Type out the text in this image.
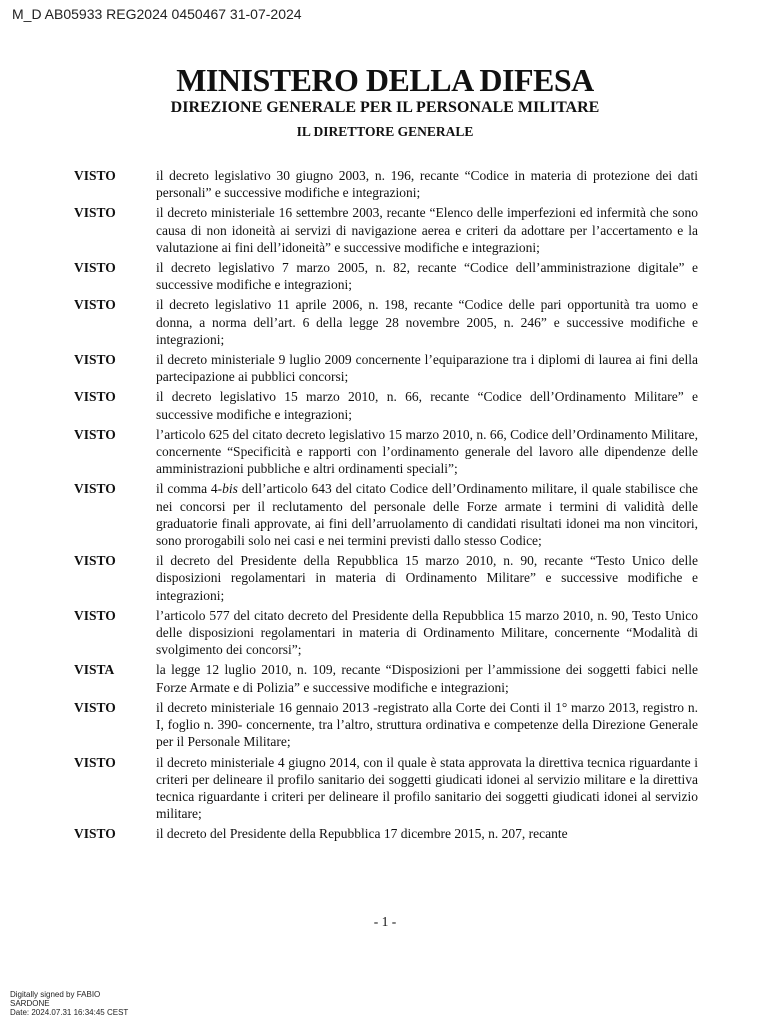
M_D AB05933 REG2024 0450467 31-07-2024
MINISTERO DELLA DIFESA
DIREZIONE GENERALE PER IL PERSONALE MILITARE
IL DIRETTORE GENERALE
VISTO	il decreto legislativo 30 giugno 2003, n. 196, recante “Codice in materia di protezione dei dati personali” e successive modifiche e integrazioni;
VISTO	il decreto ministeriale 16 settembre 2003, recante “Elenco delle imperfezioni ed infermità che sono causa di non idoneità ai servizi di navigazione aerea e criteri da adottare per l’accertamento e la valutazione ai fini dell’idoneità” e successive modifiche e integrazioni;
VISTO	il decreto legislativo 7 marzo 2005, n. 82, recante “Codice dell’amministrazione digitale” e successive modifiche e integrazioni;
VISTO	il decreto legislativo 11 aprile 2006, n. 198, recante “Codice delle pari opportunità tra uomo e donna, a norma dell’art. 6 della legge 28 novembre 2005, n. 246” e successive modifiche e integrazioni;
VISTO	il decreto ministeriale 9 luglio 2009 concernente l’equiparazione tra i diplomi di laurea ai fini della partecipazione ai pubblici concorsi;
VISTO	il decreto legislativo 15 marzo 2010, n. 66, recante “Codice dell’Ordinamento Militare” e successive modifiche e integrazioni;
VISTO	l’articolo 625 del citato decreto legislativo 15 marzo 2010, n. 66, Codice dell’Ordinamento Militare, concernente “Specificità e rapporti con l’ordinamento generale del lavoro alle dipendenze delle amministrazioni pubbliche e altri ordinamenti speciali”;
VISTO	il comma 4-bis dell’articolo 643 del citato Codice dell’Ordinamento militare, il quale stabilisce che nei concorsi per il reclutamento del personale delle Forze armate i termini di validità delle graduatorie finali approvate, ai fini dell’arruolamento di candidati risultati idonei ma non vincitori, sono prorogabili solo nei casi e nei termini previsti dallo stesso Codice;
VISTO	il decreto del Presidente della Repubblica 15 marzo 2010, n. 90, recante “Testo Unico delle disposizioni regolamentari in materia di Ordinamento Militare” e successive modifiche e integrazioni;
VISTO	l’articolo 577 del citato decreto del Presidente della Repubblica 15 marzo 2010, n. 90, Testo Unico delle disposizioni regolamentari in materia di Ordinamento Militare, concernente “Modalità di svolgimento dei concorsi”;
VISTA	la legge 12 luglio 2010, n. 109, recante “Disposizioni per l’ammissione dei soggetti fabici nelle Forze Armate e di Polizia” e successive modifiche e integrazioni;
VISTO	il decreto ministeriale 16 gennaio 2013 -registrato alla Corte dei Conti il 1° marzo 2013, registro n. I, foglio n. 390- concernente, tra l’altro, struttura ordinativa e competenze della Direzione Generale per il Personale Militare;
VISTO	il decreto ministeriale 4 giugno 2014, con il quale è stata approvata la direttiva tecnica riguardante i criteri per delineare il profilo sanitario dei soggetti giudicati idonei al servizio militare e la direttiva tecnica riguardante i criteri per delineare il profilo sanitario dei soggetti giudicati idonei al servizio militare;
VISTO	il decreto del Presidente della Repubblica 17 dicembre 2015, n. 207, recante
- 1 -
Digitally signed by FABIO
SARDONE
Date: 2024.07.31 16:34:45 CEST
